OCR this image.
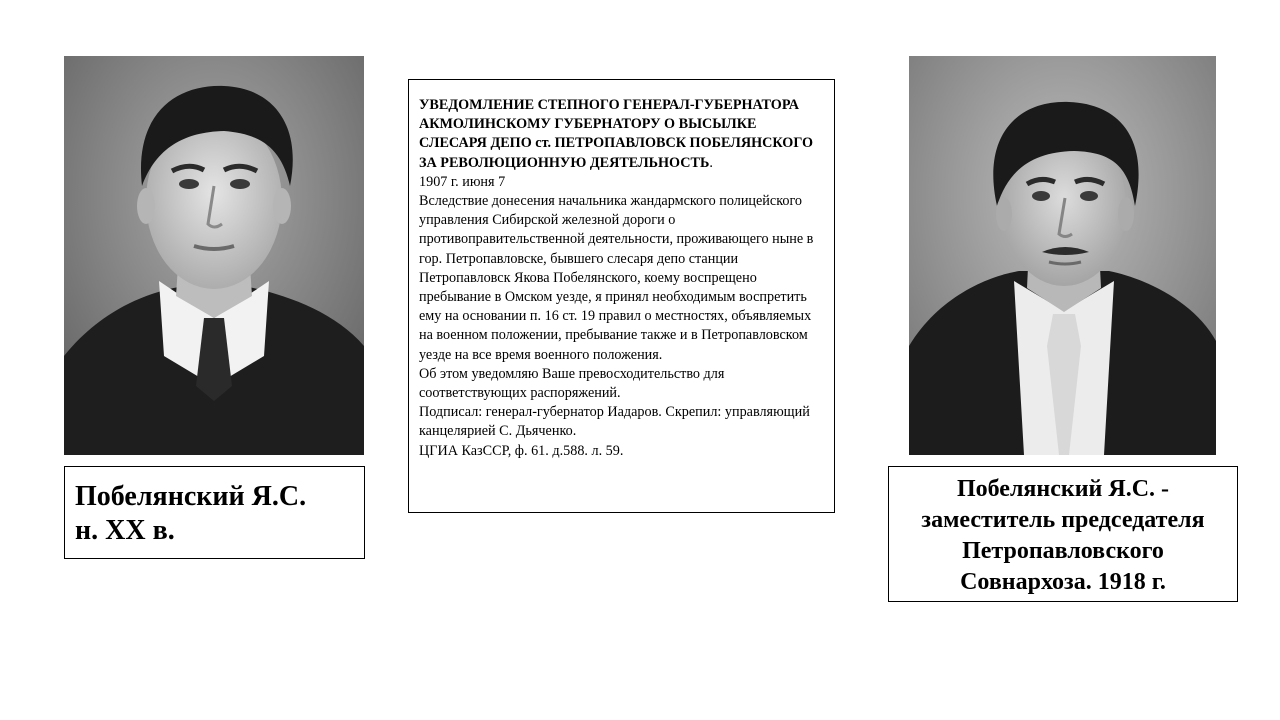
Побелянский Я.С.
н. XX в.
УВЕДОМЛЕНИЕ СТЕПНОГО ГЕНЕРАЛ-ГУБЕРНАТОРА АКМОЛИНСКОМУ ГУБЕРНАТОРУ О ВЫСЫЛКЕ СЛЕСАРЯ ДЕПО ст. ПЕТРОПАВЛОВСК ПОБЕЛЯНСКОГО ЗА РЕВОЛЮЦИОННУЮ ДЕЯТЕЛЬНОСТЬ.
1907 г. июня 7
Вследствие донесения начальника жандармского полицейского управления Сибирской железной дороги о противоправительственной деятельности, проживающего ныне в гор. Петропавловске, бывшего слесаря депо станции Петропавловск Якова Побелянского, коему воспрещено пребывание в Омском уезде, я принял необходимым воспретить ему на основании п. 16 ст. 19 правил о местностях, объявляемых на военном положении, пребывание также и в Петропавловском уезде на все время военного положения.
Об этом уведомляю Ваше превосходительство для соответствующих распоряжений.
Подписал: генерал-губернатор Иадаров. Скрепил: управляющий канцелярией С. Дьяченко.
ЦГИА КазССР, ф. 61. д.588. л. 59.
Побелянский Я.С. -
заместитель председателя
Петропавловского
Совнархоза. 1918 г.
